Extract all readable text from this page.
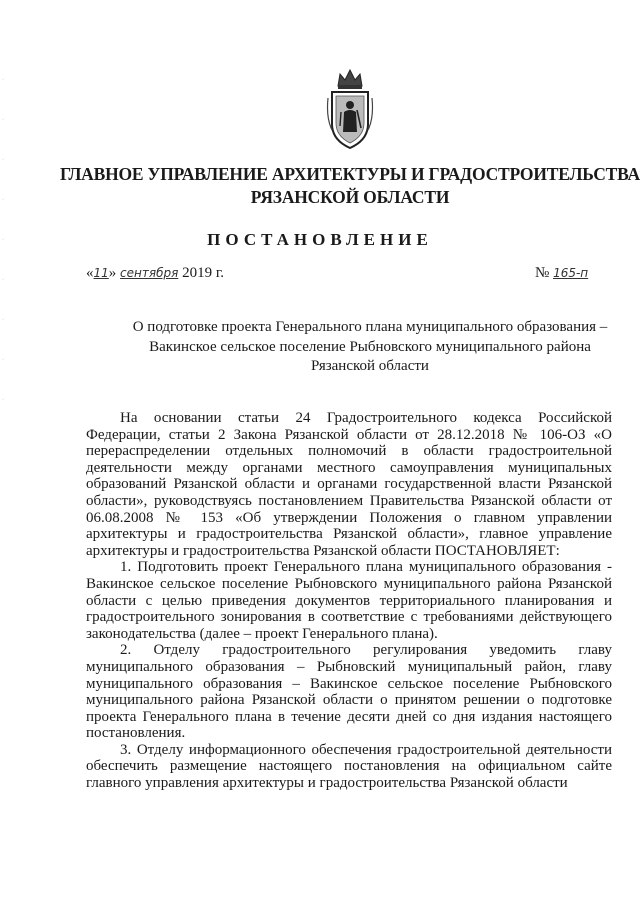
·
·
·
·
·
·
·
·
·
ГЛАВНОЕ УПРАВЛЕНИЕ АРХИТЕКТУРЫ И ГРАДОСТРОИТЕЛЬСТВА
РЯЗАНСКОЙ ОБЛАСТИ
ПОСТАНОВЛЕНИЕ
«11» сентября 2019 г.	№ 165-п
О подготовке проекта Генерального плана муниципального образования –
Вакинское сельское поселение Рыбновского муниципального района
Рязанской области

На основании статьи 24 Градостроительного кодекса Российской Федерации, статьи 2 Закона Рязанской области от 28.12.2018 № 106-ОЗ «О перераспределении отдельных полномочий в области градостроительной деятельности между органами местного самоуправления муниципальных образований Рязанской области и органами государственной власти Рязанской области», руководствуясь постановлением Правительства Рязанской области от 06.08.2008 № 153 «Об утверждении Положения о главном управлении архитектуры и градостроительства Рязанской области», главное управление архитектуры и градостроительства Рязанской области ПОСТАНОВЛЯЕТ:

1. Подготовить проект Генерального плана муниципального образования - Вакинское сельское поселение Рыбновского муниципального района Рязанской области с целью приведения документов территориального планирования и градостроительного зонирования в соответствие с требованиями действующего законодательства (далее – проект Генерального плана).

2. Отделу градостроительного регулирования уведомить главу муниципального образования – Рыбновский муниципальный район, главу муниципального образования – Вакинское сельское поселение Рыбновского муниципального района Рязанской области о принятом решении о подготовке проекта Генерального плана в течение десяти дней со дня издания настоящего постановления.

3. Отделу информационного обеспечения градостроительной деятельности обеспечить размещение настоящего постановления на официальном сайте главного управления архитектуры и градостроительства Рязанской области
